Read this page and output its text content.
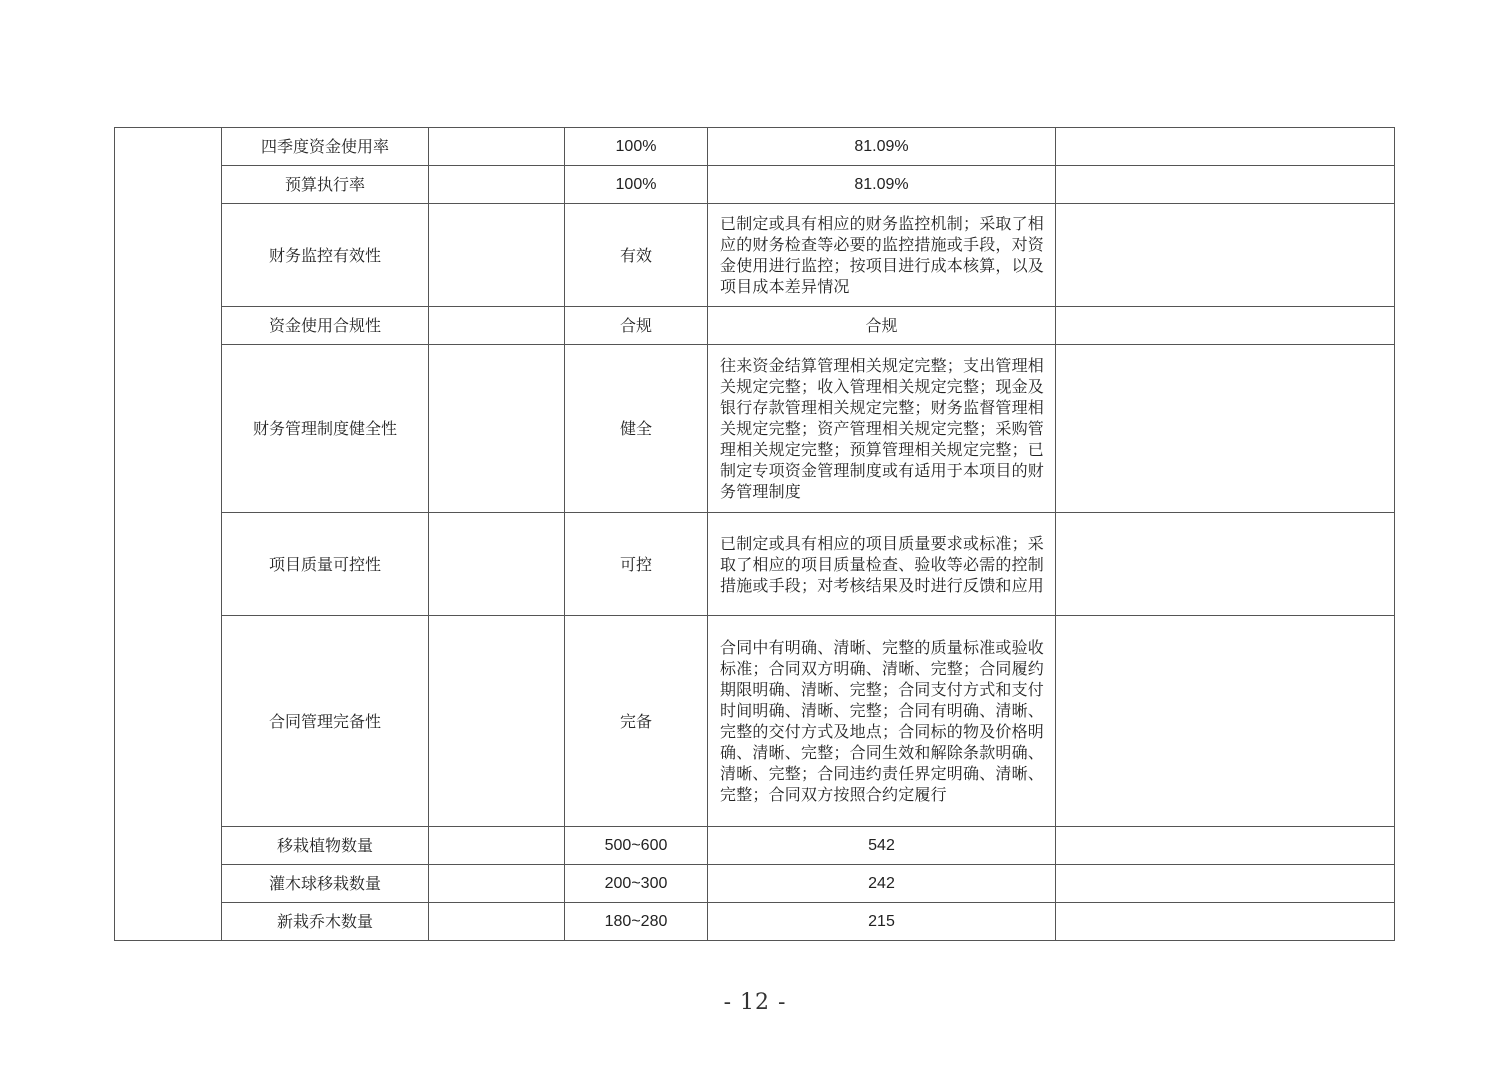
	四季度资金使用率		100%	81.09%	
	预算执行率		100%	81.09%	
	财务监控有效性		有效	已制定或具有相应的财务监控机制；采取了相应的财务检查等必要的监控措施或手段，对资金使用进行监控；按项目进行成本核算，以及项目成本差异情况	
	资金使用合规性		合规	合规	
	财务管理制度健全性		健全	往来资金结算管理相关规定完整；支出管理相关规定完整；收入管理相关规定完整；现金及银行存款管理相关规定完整；财务监督管理相关规定完整；资产管理相关规定完整；采购管理相关规定完整；预算管理相关规定完整；已制定专项资金管理制度或有适用于本项目的财务管理制度	
	项目质量可控性		可控	已制定或具有相应的项目质量要求或标准；采取了相应的项目质量检查、验收等必需的控制措施或手段；对考核结果及时进行反馈和应用	
	合同管理完备性		完备	合同中有明确、清晰、完整的质量标准或验收标准；合同双方明确、清晰、完整；合同履约期限明确、清晰、完整；合同支付方式和支付时间明确、清晰、完整；合同有明确、清晰、完整的交付方式及地点；合同标的物及价格明确、清晰、完整；合同生效和解除条款明确、清晰、完整；合同违约责任界定明确、清晰、完整；合同双方按照合约定履行	
	移栽植物数量		500~600	542	
	灌木球移栽数量		200~300	242	
	新栽乔木数量		180~280	215	
- 12 -
